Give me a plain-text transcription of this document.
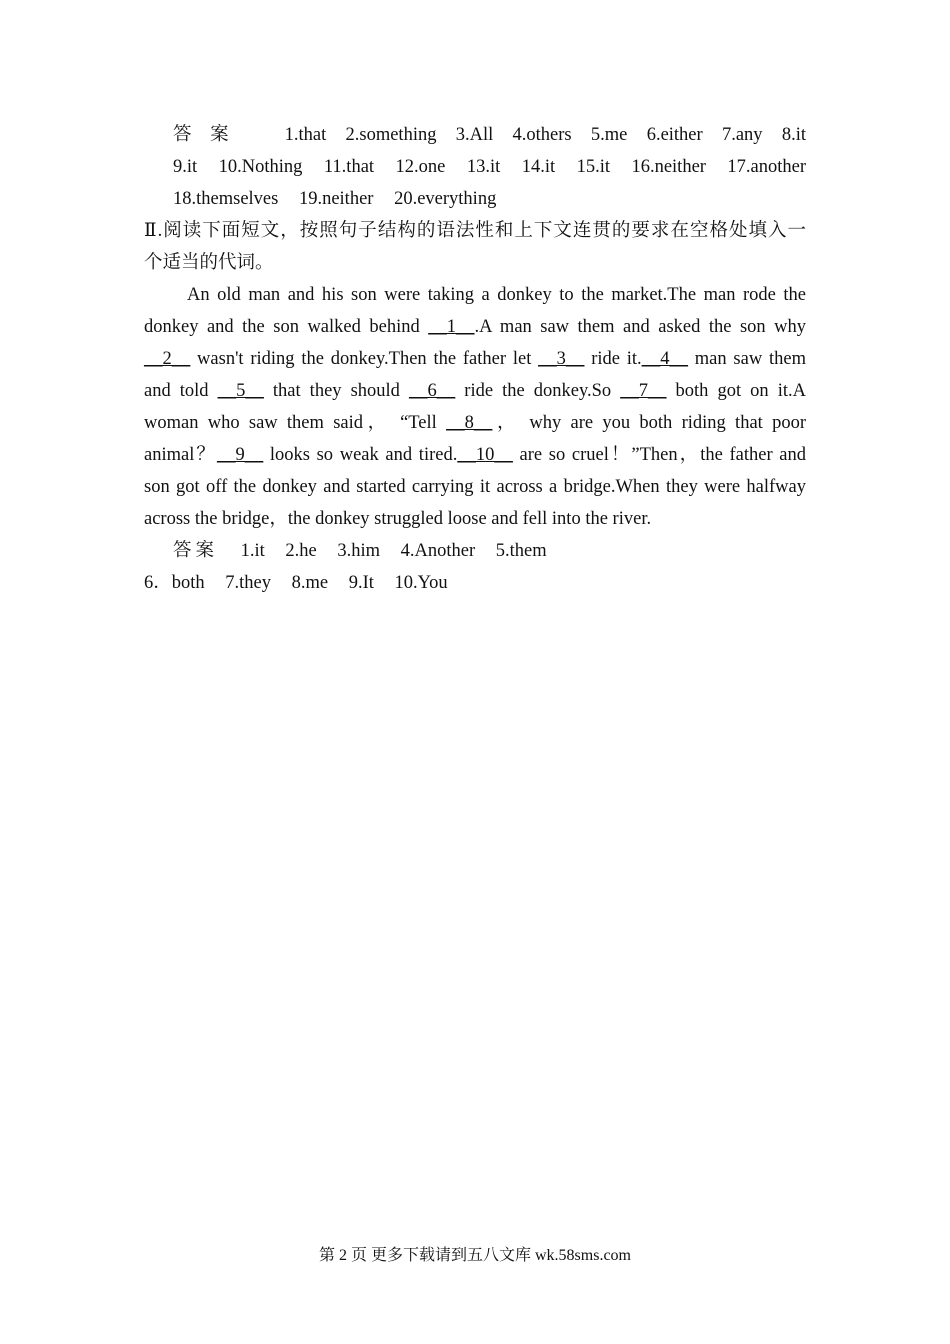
答案 1.that 2.something 3.All 4.others 5.me 6.either 7.any 8.it
9.it 10.Nothing 11.that 12.one 13.it 14.it 15.it 16.neither 17.another
18.themselves 19.neither 20.everything
Ⅱ.阅读下面短文，按照句子结构的语法性和上下文连贯的要求在空格处填入一
个适当的代词。
An old man and his son were taking a donkey to the market.The man rode the
donkey and the son walked behind __1__.A man saw them and asked the son why
__2__ wasn't riding the donkey.Then the father let __3__ ride it.__4__ man saw them
and told __5__ that they should __6__ ride the donkey.So __7__ both got on it.A
woman who saw them said， “Tell __8__， why are you both riding that poor
animal？__9__ looks so weak and tired.__10__ are so cruel！”Then，the father and
son got off the donkey and started carrying it across a bridge.When they were halfway
across the bridge，the donkey struggled loose and fell into the river.
答案 1.it 2.he 3.him 4.Another 5.them
6．both 7.they 8.me 9.It 10.You
第 2 页 更多下载请到五八文库 wk.58sms.com
